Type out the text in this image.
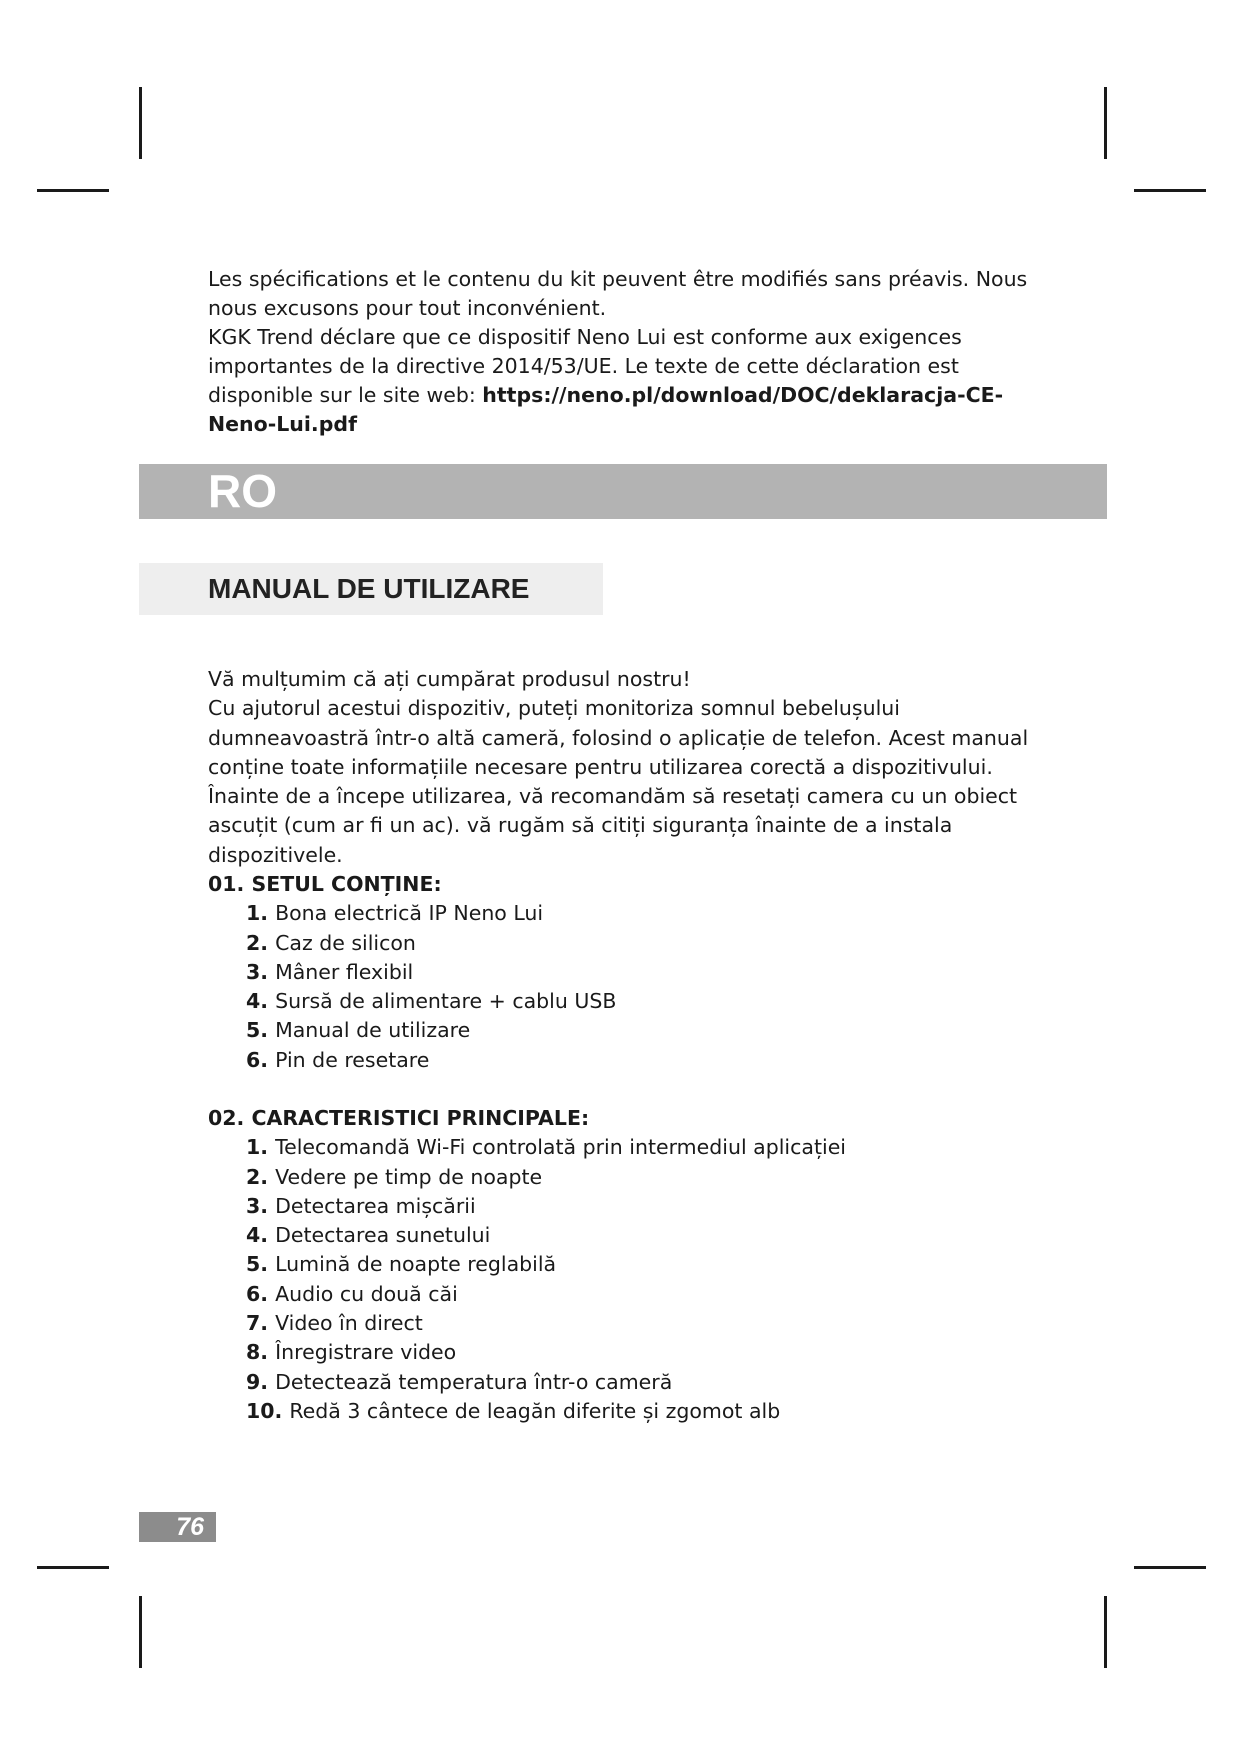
Les spécifications et le contenu du kit peuvent être modifiés sans préavis. Nous nous excusons pour tout inconvénient.

KGK Trend déclare que ce dispositif Neno Lui est conforme aux exigences importantes de la directive 2014/53/UE. Le texte de cette déclaration est disponible sur le site web: https://neno.pl/download/DOC/deklaracja-CE-Neno-Lui.pdf

RO
MANUAL DE UTILIZARE

Vă mulțumim că ați cumpărat produsul nostru!

Cu ajutorul acestui dispozitiv, puteți monitoriza somnul bebelușului dumneavoastră într-o altă cameră, folosind o aplicație de telefon. Acest manual conține toate informațiile necesare pentru utilizarea corectă a dispozitivului. Înainte de a începe utilizarea, vă recomandăm să resetați camera cu un obiect ascuțit (cum ar fi un ac). vă rugăm să citiți siguranța înainte de a instala dispozitivele.

01. SETUL CONȚINE:
1. Bona electrică IP Neno Lui
2. Caz de silicon
3. Mâner flexibil
4. Sursă de alimentare + cablu USB
5. Manual de utilizare
6. Pin de resetare
02. CARACTERISTICI PRINCIPALE:
1. Telecomandă Wi-Fi controlată prin intermediul aplicației
2. Vedere pe timp de noapte
3. Detectarea mișcării
4. Detectarea sunetului
5. Lumină de noapte reglabilă
6. Audio cu două căi
7. Video în direct
8. Înregistrare video
9. Detectează temperatura într-o cameră
10. Redă 3 cântece de leagăn diferite și zgomot alb
76
